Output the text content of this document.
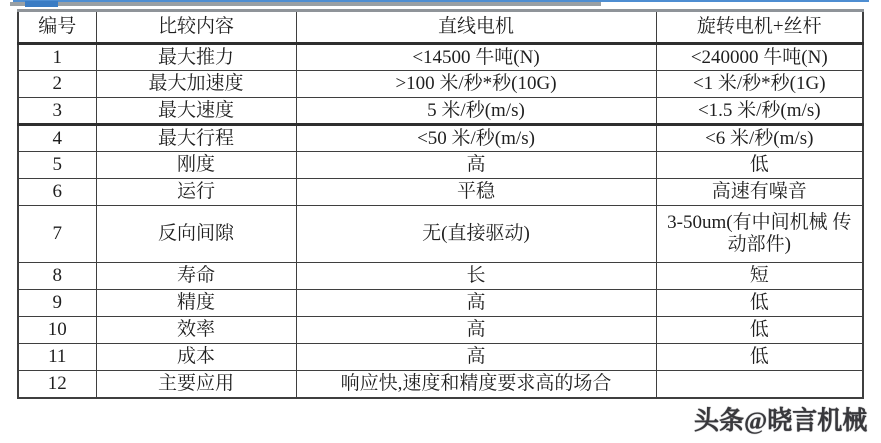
编号	比较内容	直线电机	旋转电机+丝杆
1	最大推力	<14500 牛吨(N)	<240000 牛吨(N)
2	最大加速度	>100 米/秒*秒(10G)	<1 米/秒*秒(1G)
3	最大速度	5 米/秒(m/s)	<1.5 米/秒(m/s)
4	最大行程	<50 米/秒(m/s)	<6 米/秒(m/s)
5	刚度	高	低
6	运行	平稳	高速有噪音
7	反向间隙	无(直接驱动)	3-50um(有中间机械 传动部件)
8	寿命	长	短
9	精度	高	低
10	效率	高	低
11	成本	高	低
12	主要应用	响应快,速度和精度要求高的场合	
头条@晓言机械
